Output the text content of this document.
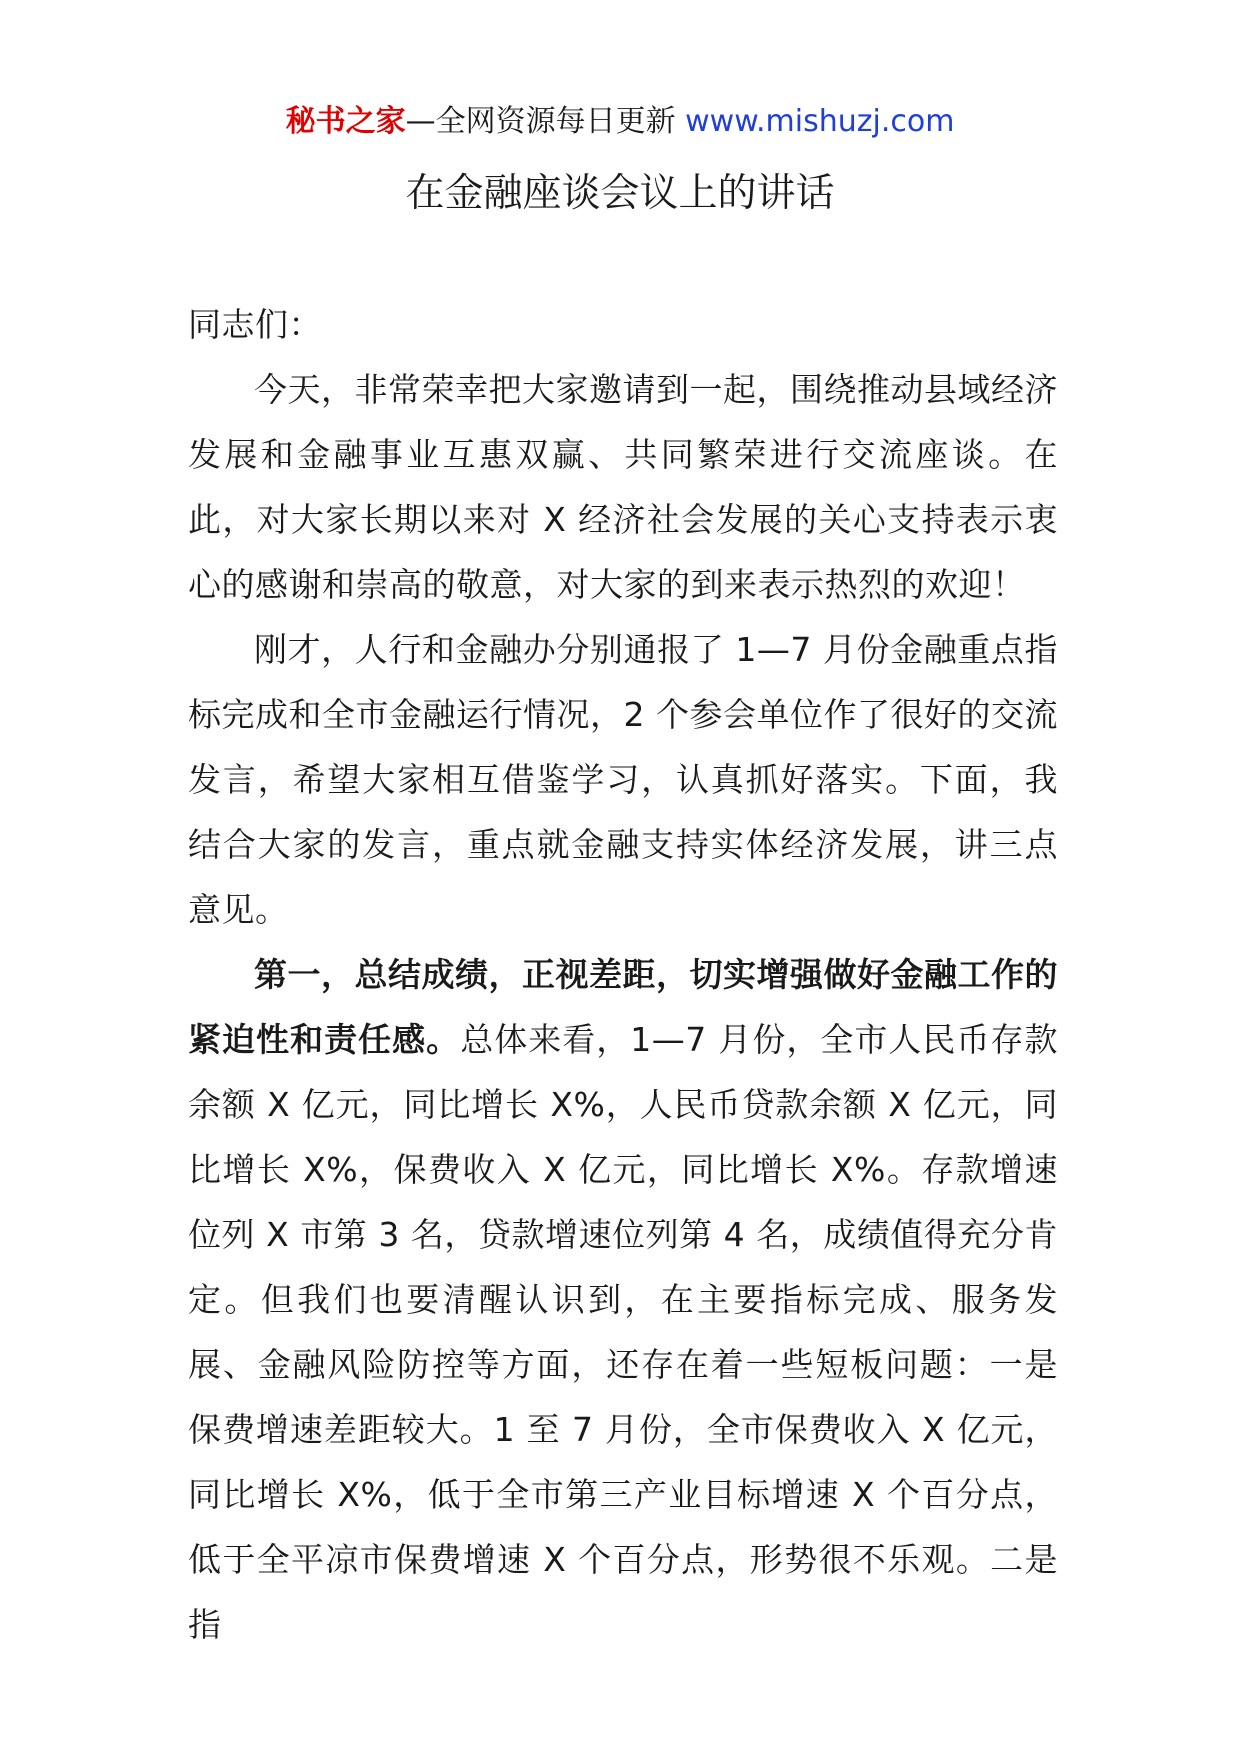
秘书之家—全网资源每日更新 www.mishuzj.com
在金融座谈会议上的讲话

同志们：

今天，非常荣幸把大家邀请到一起，围绕推动县域经济发展和金融事业互惠双赢、共同繁荣进行交流座谈。在此，对大家长期以来对 X 经济社会发展的关心支持表示衷心的感谢和崇高的敬意，对大家的到来表示热烈的欢迎！

刚才，人行和金融办分别通报了 1—7 月份金融重点指标完成和全市金融运行情况，2 个参会单位作了很好的交流发言，希望大家相互借鉴学习，认真抓好落实。下面，我结合大家的发言，重点就金融支持实体经济发展，讲三点意见。

第一，总结成绩，正视差距，切实增强做好金融工作的紧迫性和责任感。总体来看，1—7 月份，全市人民币存款余额 X 亿元，同比增长 X%，人民币贷款余额 X 亿元，同比增长 X%，保费收入 X 亿元，同比增长 X%。存款增速位列 X 市第 3 名，贷款增速位列第 4 名，成绩值得充分肯定。但我们也要清醒认识到，在主要指标完成、服务发展、金融风险防控等方面，还存在着一些短板问题：一是保费增速差距较大。1 至 7 月份，全市保费收入 X 亿元，同比增长 X%，低于全市第三产业目标增速 X 个百分点，低于全平凉市保费增速 X 个百分点，形势很不乐观。二是指
